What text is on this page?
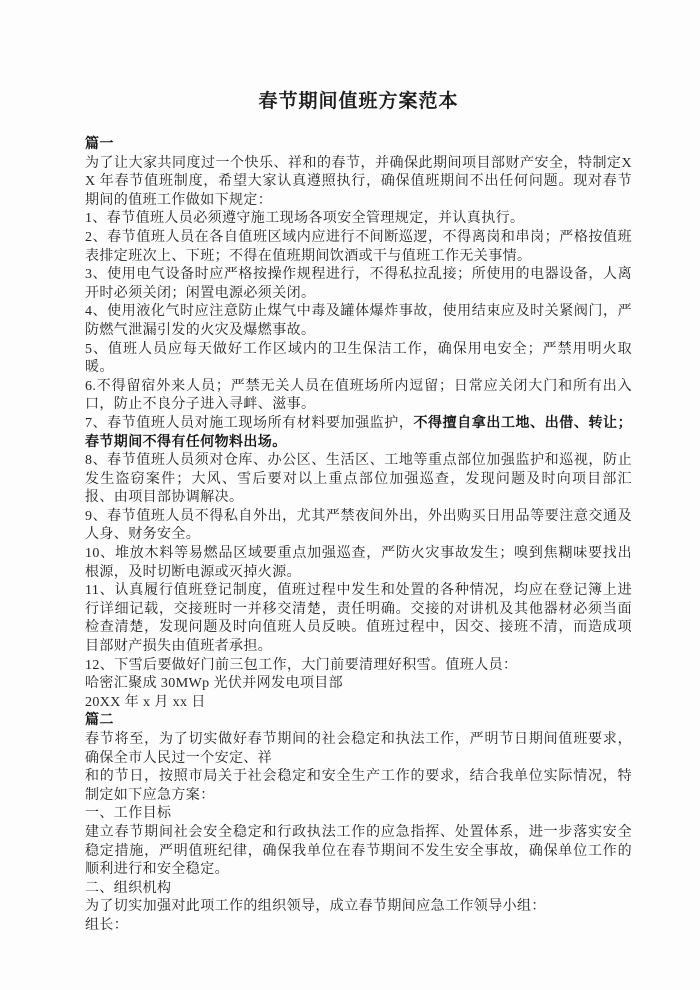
春节期间值班方案范本

篇一

为了让大家共同度过一个快乐、祥和的春节，并确保此期间项目部财产安全，特制定XX 年春节值班制度，希望大家认真遵照执行，确保值班期间不出任何问题。现对春节期间的值班工作做如下规定：

1、春节值班人员必须遵守施工现场各项安全管理规定，并认真执行。

2、春节值班人员在各自值班区域内应进行不间断巡逻，不得离岗和串岗；严格按值班表排定班次上、下班；不得在值班期间饮酒或干与值班工作无关事情。

3、使用电气设备时应严格按操作规程进行，不得私拉乱接；所使用的电器设备，人离开时必须关闭；闲置电源必须关闭。

4、使用液化气时应注意防止煤气中毒及罐体爆炸事故，使用结束应及时关紧阀门，严防燃气泄漏引发的火灾及爆燃事故。

5、值班人员应每天做好工作区域内的卫生保洁工作，确保用电安全；严禁用明火取暖。

6.不得留宿外来人员；严禁无关人员在值班场所内逗留；日常应关闭大门和所有出入口，防止不良分子进入寻衅、滋事。

7、春节值班人员对施工现场所有材料要加强监护，不得擅自拿出工地、出借、转让；春节期间不得有任何物料出场。

8、春节值班人员须对仓库、办公区、生活区、工地等重点部位加强监护和巡视，防止发生盗窃案件；大风、雪后要对以上重点部位加强巡查，发现问题及时向项目部汇报、由项目部协调解决。

9、春节值班人员不得私自外出，尤其严禁夜间外出，外出购买日用品等要注意交通及人身、财务安全。

10、堆放木料等易燃品区域要重点加强巡查，严防火灾事故发生；嗅到焦糊味要找出根源，及时切断电源或灭掉火源。

11、认真履行值班登记制度，值班过程中发生和处置的各种情况，均应在登记簿上进行详细记载，交接班时一并移交清楚，责任明确。交接的对讲机及其他器材必须当面检查清楚，发现问题及时向值班人员反映。值班过程中，因交、接班不清，而造成项目部财产损失由值班者承担。

12、下雪后要做好门前三包工作，大门前要清理好积雪。值班人员：

哈密汇聚成 30MWp 光伏并网发电项目部

20XX 年 x 月 xx 日

篇二

春节将至，为了切实做好春节期间的社会稳定和执法工作，严明节日期间值班要求，确保全市人民过一个安定、祥

和的节日，按照市局关于社会稳定和安全生产工作的要求，结合我单位实际情况，特制定如下应急方案：

一、工作目标

建立春节期间社会安全稳定和行政执法工作的应急指挥、处置体系，进一步落实安全稳定措施，严明值班纪律，确保我单位在春节期间不发生安全事故，确保单位工作的顺利进行和安全稳定。

二、组织机构

为了切实加强对此项工作的组织领导，成立春节期间应急工作领导小组：

组长：
